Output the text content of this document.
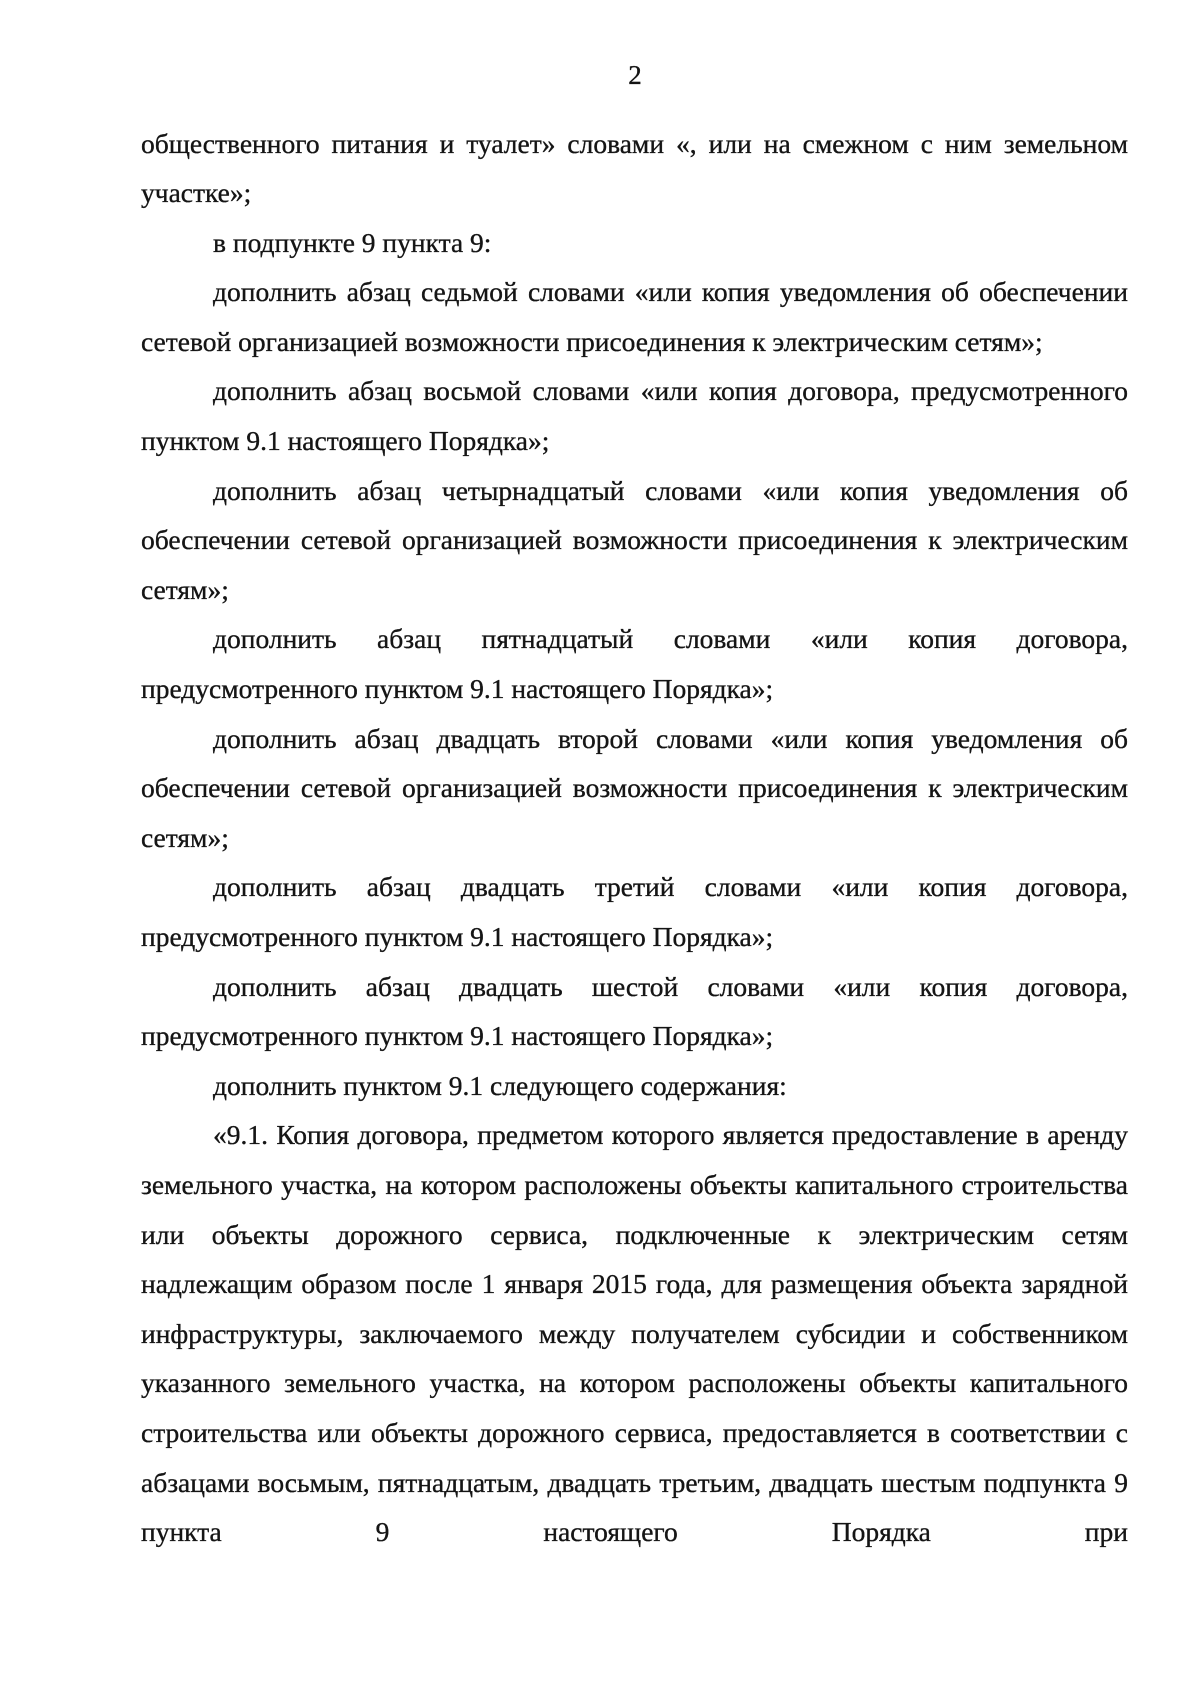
2

общественного питания и туалет» словами «, или на смежном с ним земельном участке»;

в подпункте 9 пункта 9:

дополнить абзац седьмой словами «или копия уведомления об обеспечении сетевой организацией возможности присоединения к электрическим сетям»;

дополнить абзац восьмой словами «или копия договора, предусмотренного пунктом 9.1 настоящего Порядка»;

дополнить абзац четырнадцатый словами «или копия уведомления об обеспечении сетевой организацией возможности присоединения к электрическим сетям»;

дополнить абзац пятнадцатый словами «или копия договора, предусмотренного пунктом 9.1 настоящего Порядка»;

дополнить абзац двадцать второй словами «или копия уведомления об обеспечении сетевой организацией возможности присоединения к электрическим сетям»;

дополнить абзац двадцать третий словами «или копия договора, предусмотренного пунктом 9.1 настоящего Порядка»;

дополнить абзац двадцать шестой словами «или копия договора, предусмотренного пунктом 9.1 настоящего Порядка»;

дополнить пунктом 9.1 следующего содержания:

«9.1. Копия договора, предметом которого является предоставление в аренду земельного участка, на котором расположены объекты капитального строительства или объекты дорожного сервиса, подключенные к электрическим сетям надлежащим образом после 1 января 2015 года, для размещения объекта зарядной инфраструктуры, заключаемого между получателем субсидии и собственником указанного земельного участка, на котором расположены объекты капитального строительства или объекты дорожного сервиса, предоставляется в соответствии с абзацами восьмым, пятнадцатым, двадцать третьим, двадцать шестым подпункта 9 пункта 9 настоящего Порядка при
